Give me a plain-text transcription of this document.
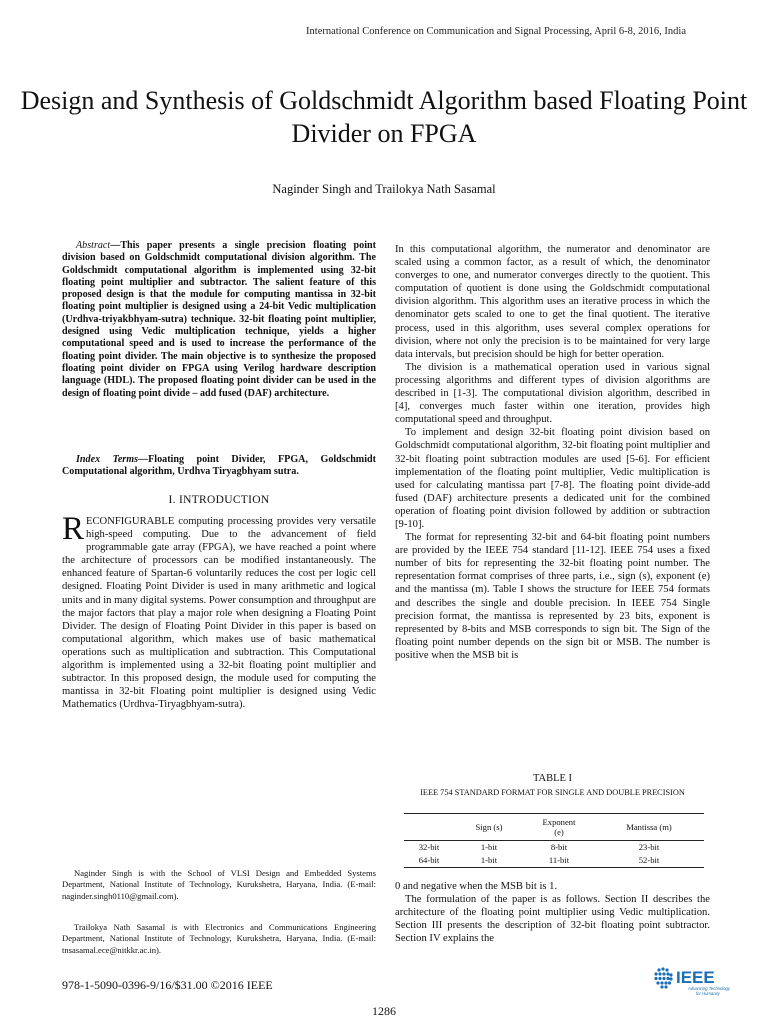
International Conference on Communication and Signal Processing, April 6-8, 2016, India
Design and Synthesis of Goldschmidt Algorithm based Floating Point Divider on FPGA
Naginder Singh and Trailokya Nath Sasamal
Abstract—This paper presents a single precision floating point division based on Goldschmidt computational division algorithm. The Goldschmidt computational algorithm is implemented using 32-bit floating point multiplier and subtractor. The salient feature of this proposed design is that the module for computing mantissa in 32-bit floating point multiplier is designed using a 24-bit Vedic multiplication (Urdhva-triyakbhyam-sutra) technique. 32-bit floating point multiplier, designed using Vedic multiplication technique, yields a higher computational speed and is used to increase the performance of the floating point divider. The main objective is to synthesize the proposed floating point divider on FPGA using Verilog hardware description language (HDL). The proposed floating point divider can be used in the design of floating point divide – add fused (DAF) architecture.
Index Terms—Floating point Divider, FPGA, Goldschmidt Computational algorithm, Urdhva Tiryagbhyam sutra.
I. INTRODUCTION
RECONFIGURABLE computing processing provides very versatile high-speed computing. Due to the advancement of field programmable gate array (FPGA), we have reached a point where the architecture of processors can be modified instantaneously. The enhanced feature of Spartan-6 voluntarily reduces the cost per logic cell designed. Floating Point Divider is used in many arithmetic and logical units and in many digital systems. Power consumption and throughput are the major factors that play a major role when designing a Floating Point Divider. The design of Floating Point Divider in this paper is based on computational algorithm, which makes use of basic mathematical operations such as multiplication and subtraction. This Computational algorithm is implemented using a 32-bit floating point multiplier and subtractor. In this proposed design, the module used for computing the mantissa in 32-bit Floating point multiplier is designed using Vedic Mathematics (Urdhva-Tiryagbhyam-sutra).
Naginder Singh is with the School of VLSI Design and Embedded Systems Department, National Institute of Technology, Kurukshetra, Haryana, India. (E-mail: naginder.singh0110@gmail.com).
Trailokya Nath Sasamal is with Electronics and Communications Engineering Department, National Institute of Technology, Kurukshetra, Haryana, India. (E-mail: tnsasamal.ece@nitkkr.ac.in).

In this computational algorithm, the numerator and denominator are scaled using a common factor, as a result of which, the denominator converges to one, and numerator converges directly to the quotient. This computation of quotient is done using the Goldschmidt computational division algorithm. This algorithm uses an iterative process in which the denominator gets scaled to one to get the final quotient. The iterative process, used in this algorithm, uses several complex operations for division, where not only the precision is to be maintained for very large data intervals, but precision should be high for better operation.

The division is a mathematical operation used in various signal processing algorithms and different types of division algorithms are described in [1-3]. The computational division algorithm, described in [4], converges much faster within one iteration, provides high computational speed and throughput.

To implement and design 32-bit floating point division based on Goldschmidt computational algorithm, 32-bit floating point multiplier and 32-bit floating point subtraction modules are used [5-6]. For efficient implementation of the floating point multiplier, Vedic multiplication is used for calculating mantissa part [7-8]. The floating point divide-add fused (DAF) architecture presents a dedicated unit for the combined operation of floating point division followed by addition or subtraction [9-10].

The format for representing 32-bit and 64-bit floating point numbers are provided by the IEEE 754 standard [11-12]. IEEE 754 uses a fixed number of bits for representing the 32-bit floating point number. The representation format comprises of three parts, i.e., sign (s), exponent (e) and the mantissa (m). Table I shows the structure for IEEE 754 formats and describes the single and double precision. In IEEE 754 Single precision format, the mantissa is represented by 23 bits, exponent is represented by 8-bits and MSB corresponds to sign bit. The Sign of the floating point number depends on the sign bit or MSB. The number is positive when the MSB bit is

TABLE I
IEEE 754 STANDARD FORMAT FOR SINGLE AND DOUBLE PRECISION
	Sign (s)	Exponent (e)	Mantissa (m)
32-bit	1-bit	8-bit	23-bit
64-bit	1-bit	11-bit	52-bit

0 and negative when the MSB bit is 1.

The formulation of the paper is as follows. Section II describes the architecture of the floating point multiplier using Vedic multiplication. Section III presents the description of 32-bit floating point subtractor. Section IV explains the

978-1-5090-0396-9/16/$31.00 ©2016 IEEE	IEEE
Advancing Technology
for Humanity
1286
